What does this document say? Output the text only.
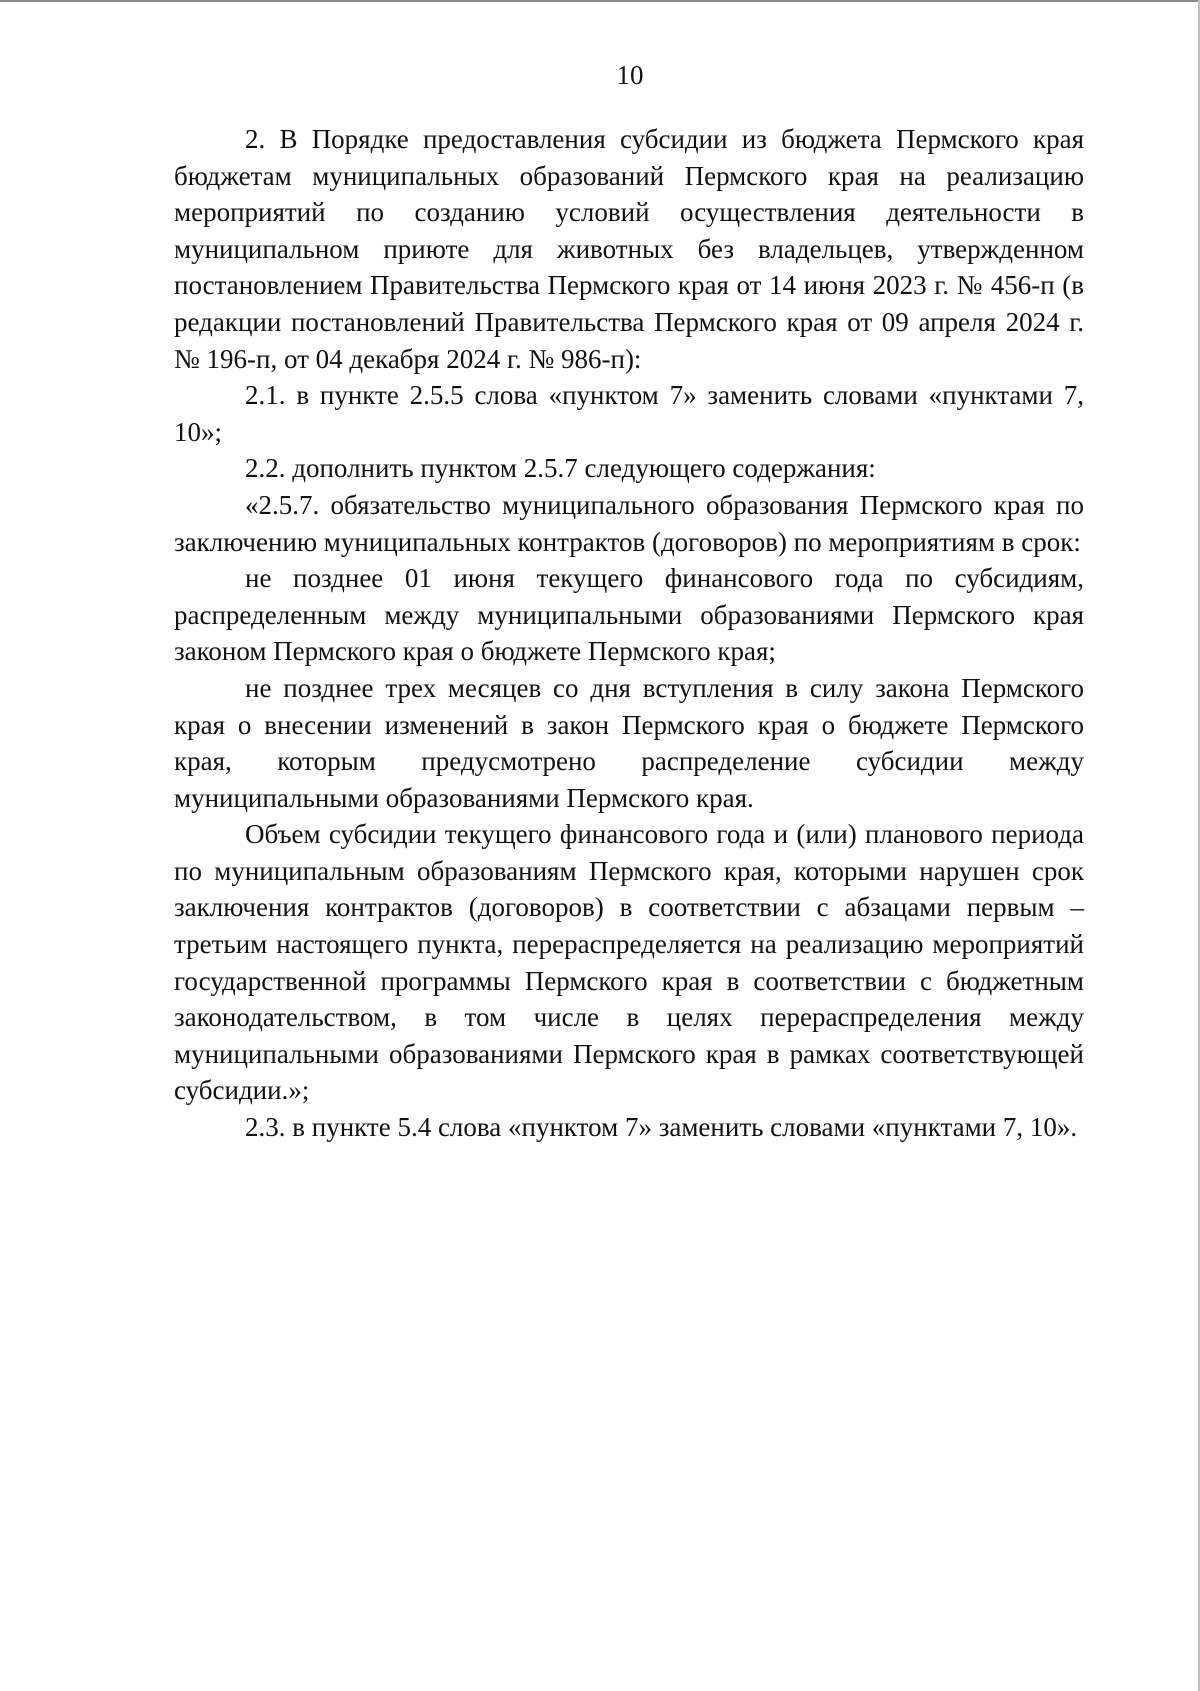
10

2. В Порядке предоставления субсидии из бюджета Пермского края бюджетам муниципальных образований Пермского края на реализацию мероприятий по созданию условий осуществления деятельности в муниципальном приюте для животных без владельцев, утвержденном постановлением Правительства Пермского края от 14 июня 2023 г. № 456-п (в редакции постановлений Правительства Пермского края от 09 апреля 2024 г. № 196-п, от 04 декабря 2024 г. № 986-п):

2.1. в пункте 2.5.5 слова «пунктом 7» заменить словами «пунктами 7, 10»;

2.2. дополнить пунктом 2.5.7 следующего содержания:

«2.5.7. обязательство муниципального образования Пермского края по заключению муниципальных контрактов (договоров) по мероприятиям в срок:

не позднее 01 июня текущего финансового года по субсидиям, распределенным между муниципальными образованиями Пермского края законом Пермского края о бюджете Пермского края;

не позднее трех месяцев со дня вступления в силу закона Пермского края о внесении изменений в закон Пермского края о бюджете Пермского края, которым предусмотрено распределение субсидии между муниципальными образованиями Пермского края.

Объем субсидии текущего финансового года и (или) планового периода по муниципальным образованиям Пермского края, которыми нарушен срок заключения контрактов (договоров) в соответствии с абзацами первым – третьим настоящего пункта, перераспределяется на реализацию мероприятий государственной программы Пермского края в соответствии с бюджетным законодательством, в том числе в целях перераспределения между муниципальными образованиями Пермского края в рамках соответствующей субсидии.»;

2.3. в пункте 5.4 слова «пунктом 7» заменить словами «пунктами 7, 10».
